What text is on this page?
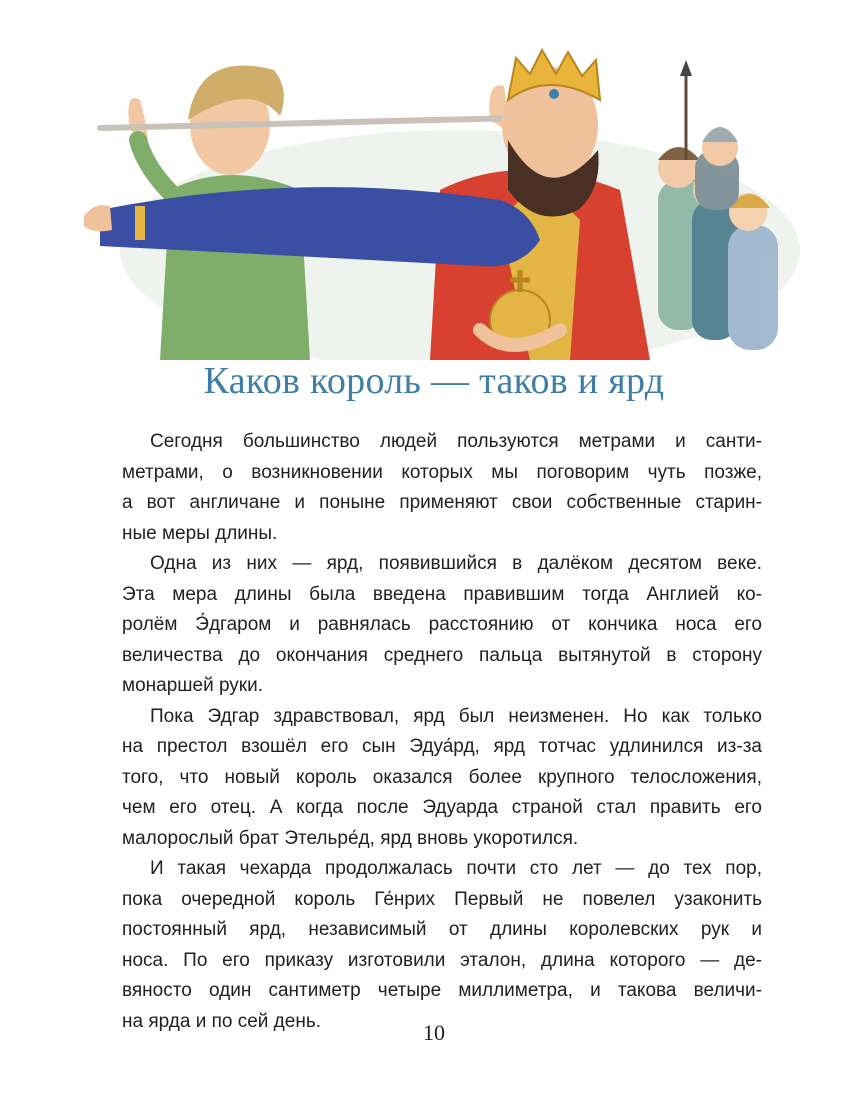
Каков король — таков и ярд

Сегодня большинство людей пользуются метрами и санти-
метрами, о возникновении которых мы поговорим чуть позже,
а вот англичане и поныне применяют свои собственные старин-
ные меры длины.

Одна из них — ярд, появившийся в далёком десятом веке.
Эта мера длины была введена правившим тогда Англией ко-
ролём Э́дгаром и равнялась расстоянию от кончика носа его
величества до окончания среднего пальца вытянутой в сторону
монаршей руки.

Пока Эдгар здравствовал, ярд был неизменен. Но как только
на престол взошёл его сын Эдуа́рд, ярд тотчас удлинился из-за
того, что новый король оказался более крупного телосложения,
чем его отец. А когда после Эдуарда страной стал править его
малорослый брат Этельре́д, ярд вновь укоротился.

И такая чехарда продолжалась почти сто лет — до тех пор,
пока очередной король Ге́нрих Первый не повелел узаконить
постоянный ярд, независимый от длины королевских рук и
носа. По его приказу изготовили эталон, длина которого — де-
вяносто один сантиметр четыре миллиметра, и такова величи-
на ярда и по сей день.	10
